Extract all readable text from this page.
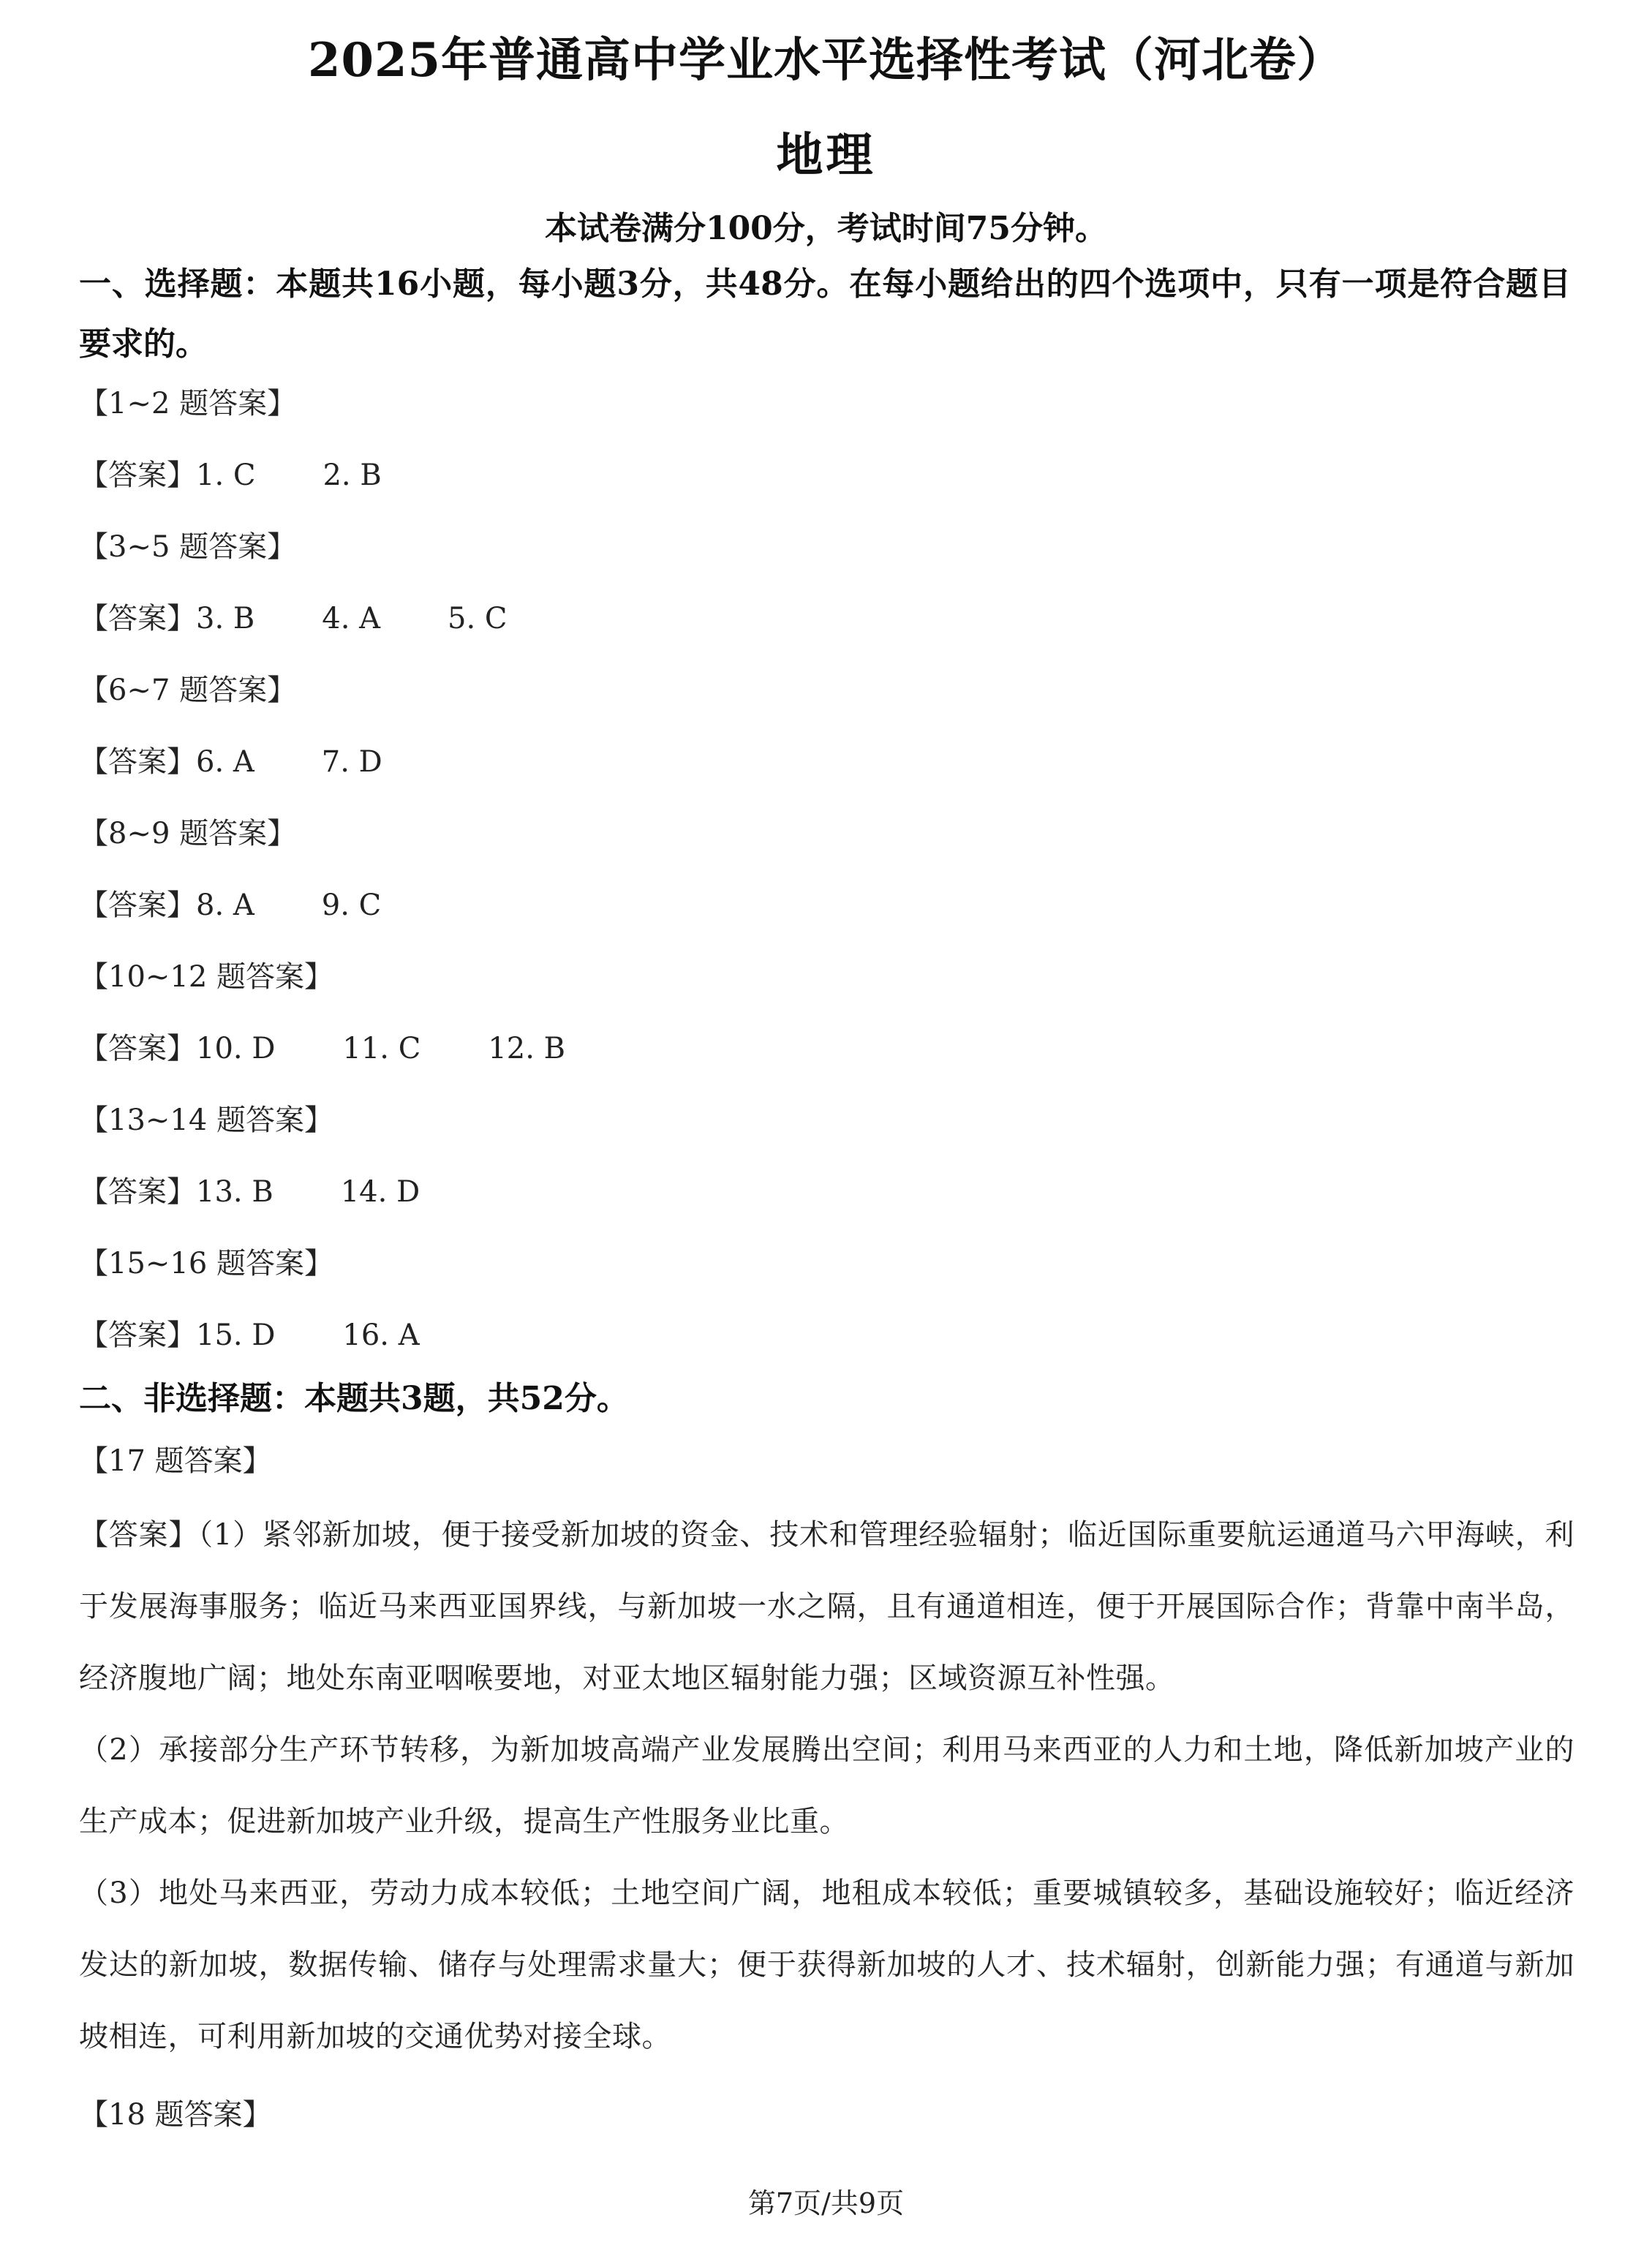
2025年普通高中学业水平选择性考试（河北卷）
地理
本试卷满分100分，考试时间75分钟。
一、选择题：本题共16小题，每小题3分，共48分。在每小题给出的四个选项中，只有一项是符合题目要求的。
【1~2 题答案】
【答案】1. C 2. B
【3~5 题答案】
【答案】3. B 4. A 5. C
【6~7 题答案】
【答案】6. A 7. D
【8~9 题答案】
【答案】8. A 9. C
【10~12 题答案】
【答案】10. D 11. C 12. B
【13~14 题答案】
【答案】13. B 14. D
【15~16 题答案】
【答案】15. D 16. A
二、非选择题：本题共3题，共52分。
【17 题答案】
【答案】（1）紧邻新加坡，便于接受新加坡的资金、技术和管理经验辐射；临近国际重要航运通道马六甲海峡，利于发展海事服务；临近马来西亚国界线，与新加坡一水之隔，且有通道相连，便于开展国际合作；背靠中南半岛，经济腹地广阔；地处东南亚咽喉要地，对亚太地区辐射能力强；区域资源互补性强。
（2）承接部分生产环节转移，为新加坡高端产业发展腾出空间；利用马来西亚的人力和土地，降低新加坡产业的生产成本；促进新加坡产业升级，提高生产性服务业比重。
（3）地处马来西亚，劳动力成本较低；土地空间广阔，地租成本较低；重要城镇较多，基础设施较好；临近经济发达的新加坡，数据传输、储存与处理需求量大；便于获得新加坡的人才、技术辐射，创新能力强；有通道与新加坡相连，可利用新加坡的交通优势对接全球。
【18 题答案】
第7页/共9页
